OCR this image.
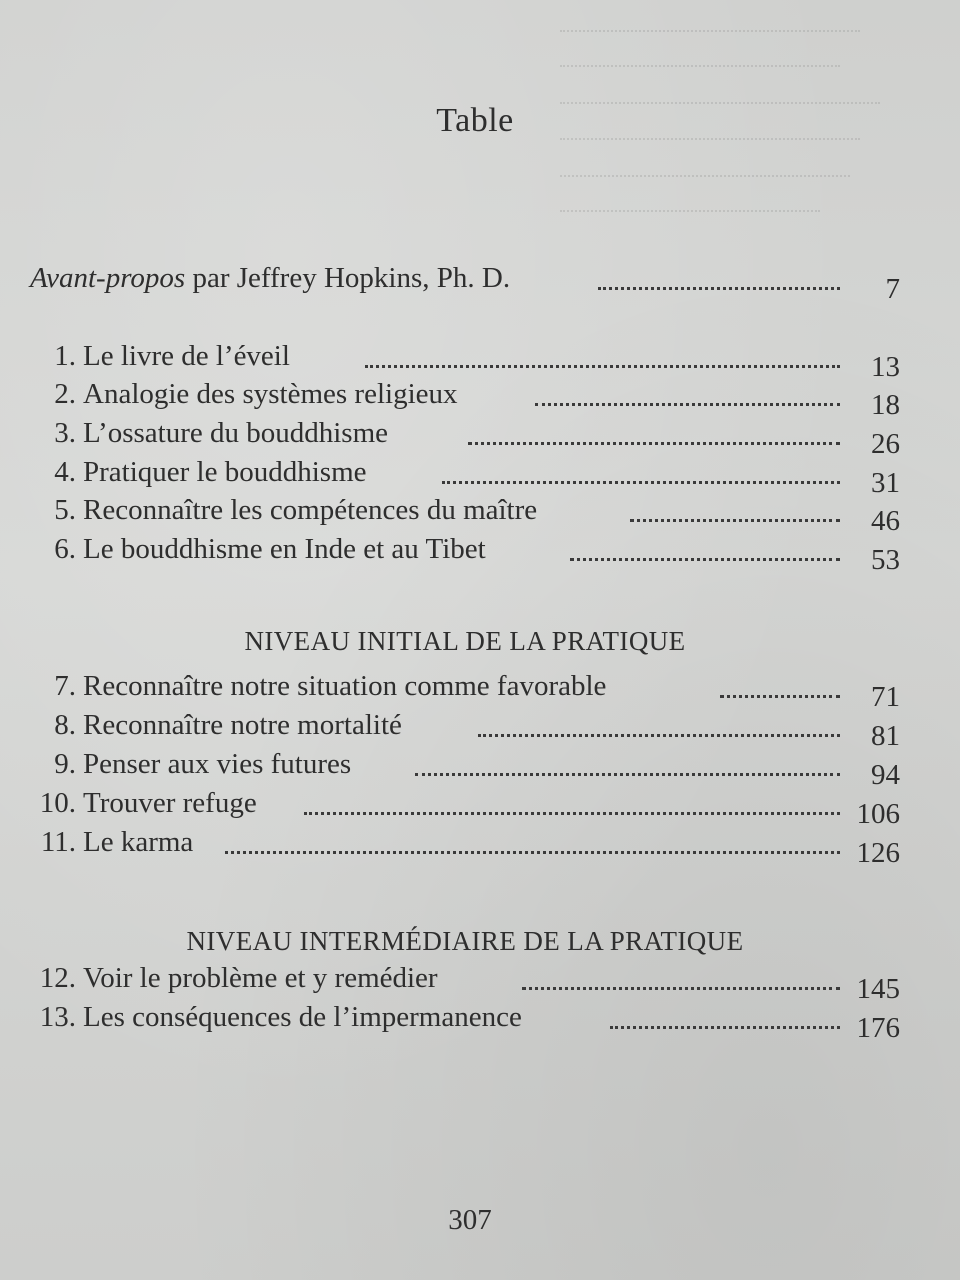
Table
Avant-propos par Jeffrey Hopkins, Ph. D.	7
1. Le livre de l’éveil	13
2. Analogie des systèmes religieux	18
3. L’ossature du bouddhisme	26
4. Pratiquer le bouddhisme	31
5. Reconnaître les compétences du maître	46
6. Le bouddhisme en Inde et au Tibet	53
NIVEAU INITIAL DE LA PRATIQUE
7. Reconnaître notre situation comme favorable	71
8. Reconnaître notre mortalité	81
9. Penser aux vies futures	94
10. Trouver refuge	106
11. Le karma	126
NIVEAU INTERMÉDIAIRE DE LA PRATIQUE
12. Voir le problème et y remédier	145
13. Les conséquences de l’impermanence	176
307
